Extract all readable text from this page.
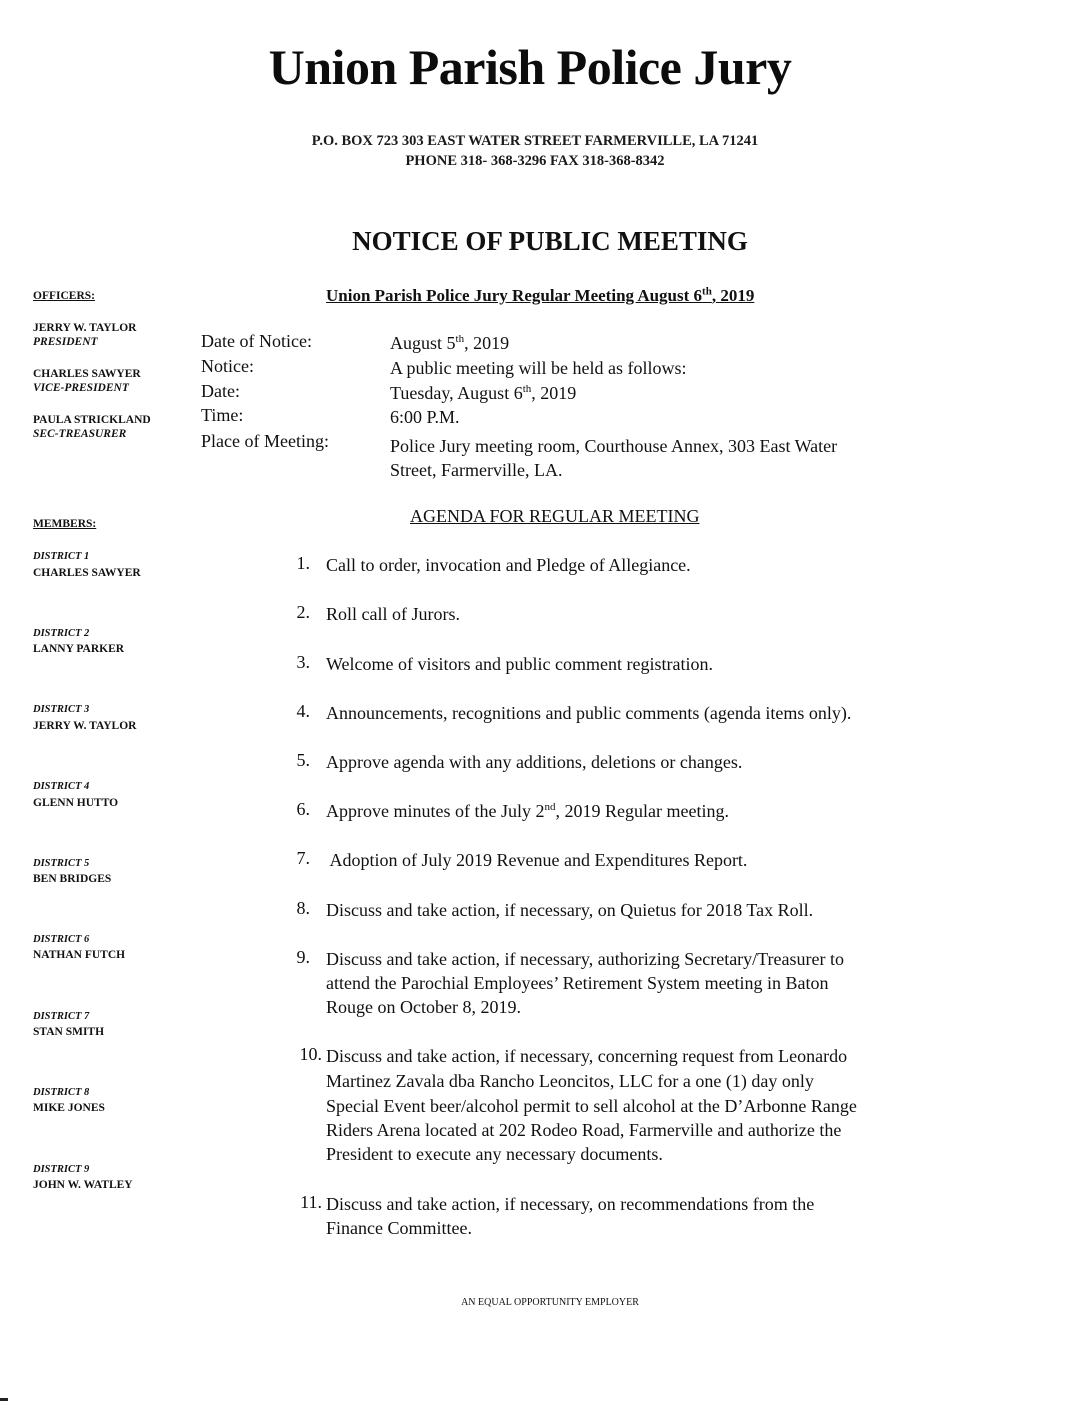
Union Parish Police Jury
P.O. BOX 723 303 EAST WATER STREET FARMERVILLE, LA 71241
PHONE 318- 368-3296 FAX 318-368-8342
NOTICE OF PUBLIC MEETING
Union Parish Police Jury Regular Meeting August 6th, 2019
OFFICERS:
JERRY W. TAYLOR
PRESIDENT
CHARLES SAWYER
VICE-PRESIDENT
PAULA STRICKLAND
SEC-TREASURER
MEMBERS:
DISTRICT 1
CHARLES SAWYER
DISTRICT 2
LANNY PARKER
DISTRICT 3
JERRY W. TAYLOR
DISTRICT 4
GLENN HUTTO
DISTRICT 5
BEN BRIDGES
DISTRICT 6
NATHAN FUTCH
DISTRICT 7
STAN SMITH
DISTRICT 8
MIKE JONES
DISTRICT 9
JOHN W. WATLEY
Date of Notice:	August 5th, 2019
Notice:	A public meeting will be held as follows:
Date:	Tuesday, August 6th, 2019
Time:	6:00 P.M.
Place of Meeting:	Police Jury meeting room, Courthouse Annex, 303 East Water
Street, Farmerville, LA.
AGENDA FOR REGULAR MEETING
1. Call to order, invocation and Pledge of Allegiance.
2. Roll call of Jurors.
3. Welcome of visitors and public comment registration.
4. Announcements, recognitions and public comments (agenda items only).
5. Approve agenda with any additions, deletions or changes.
6. Approve minutes of the July 2nd, 2019 Regular meeting.
7. Adoption of July 2019 Revenue and Expenditures Report.
8. Discuss and take action, if necessary, on Quietus for 2018 Tax Roll.
9. Discuss and take action, if necessary, authorizing Secretary/Treasurer to
attend the Parochial Employees’ Retirement System meeting in Baton
Rouge on October 8, 2019.
10. Discuss and take action, if necessary, concerning request from Leonardo
Martinez Zavala dba Rancho Leoncitos, LLC for a one (1) day only
Special Event beer/alcohol permit to sell alcohol at the D’Arbonne Range
Riders Arena located at 202 Rodeo Road, Farmerville and authorize the
President to execute any necessary documents.
11. Discuss and take action, if necessary, on recommendations from the
Finance Committee.
AN EQUAL OPPORTUNITY EMPLOYER
